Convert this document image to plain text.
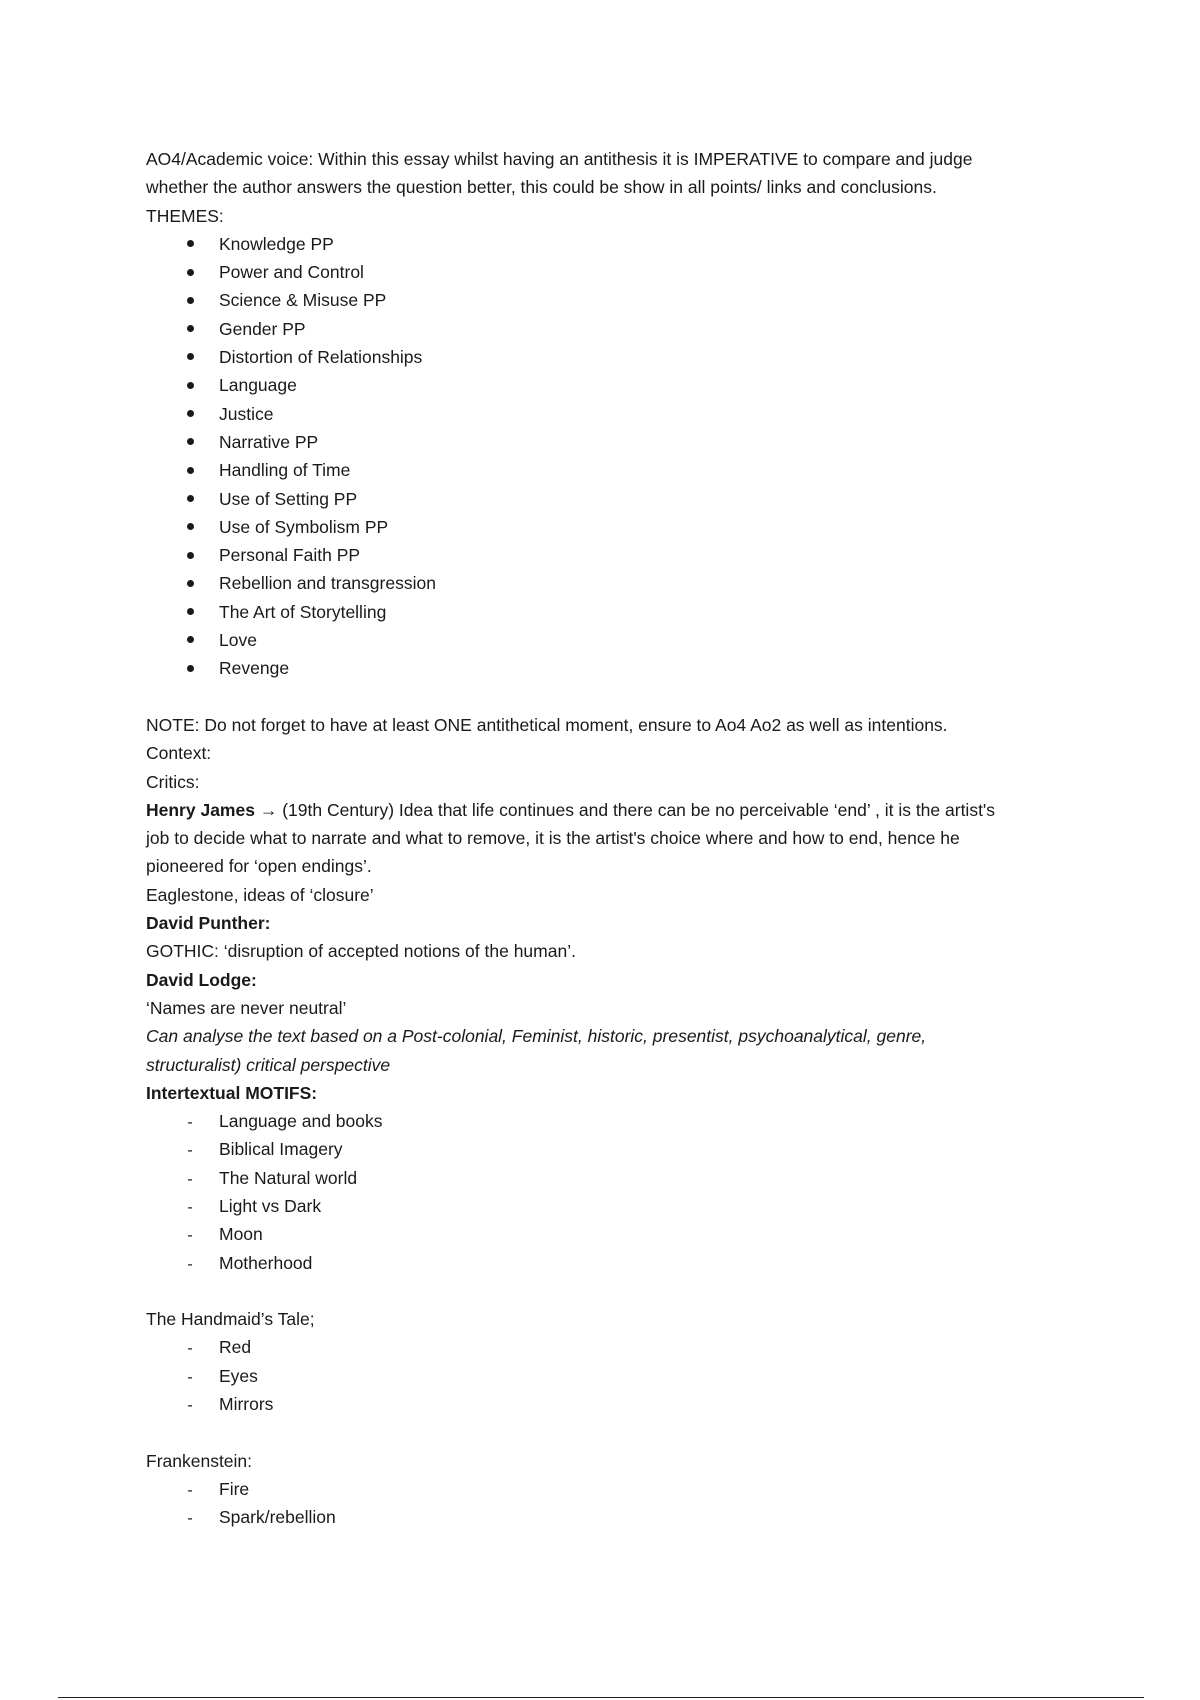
AO4/Academic voice: Within this essay whilst having an antithesis it is IMPERATIVE to compare and judge
whether the author answers the question better, this could be show in all points/ links and conclusions.
THEMES:
Knowledge PP
Power and Control
Science & Misuse PP
Gender PP
Distortion of Relationships
Language
Justice
Narrative PP
Handling of Time
Use of Setting PP
Use of Symbolism PP
Personal Faith PP
Rebellion and transgression
The Art of Storytelling
Love
Revenge
NOTE: Do not forget to have at least ONE antithetical moment, ensure to Ao4 Ao2 as well as intentions.
Context:
Critics:
Henry James → (19th Century) Idea that life continues and there can be no perceivable ‘end’ , it is the artist's
job to decide what to narrate and what to remove, it is the artist's choice where and how to end, hence he
pioneered for ‘open endings’.
Eaglestone, ideas of ‘closure’
David Punther:
GOTHIC: ‘disruption of accepted notions of the human’.
David Lodge:
‘Names are never neutral’
Can analyse the text based on a Post-colonial, Feminist, historic, presentist, psychoanalytical, genre,
structuralist) critical perspective
Intertextual MOTIFS:
-
Language and books
-
Biblical Imagery
-
The Natural world
-
Light vs Dark
-
Moon
-
Motherhood
The Handmaid’s Tale;
-
Red
-
Eyes
-
Mirrors
Frankenstein:
-
Fire
-
Spark/rebellion
